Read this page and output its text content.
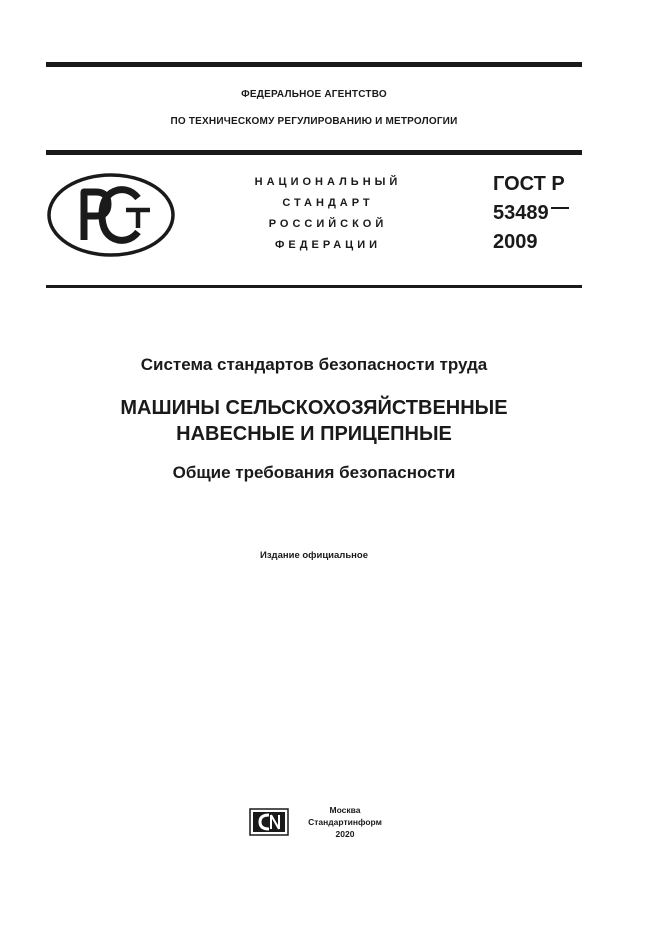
ФЕДЕРАЛЬНОЕ АГЕНТСТВО
ПО ТЕХНИЧЕСКОМУ РЕГУЛИРОВАНИЮ И МЕТРОЛОГИИ
НАЦИОНАЛЬНЫЙ
СТАНДАРТ
РОССИЙСКОЙ
ФЕДЕРАЦИИ
ГОСТ Р
53489
2009
Система стандартов безопасности труда
МАШИНЫ СЕЛЬСКОХОЗЯЙСТВЕННЫЕ
НАВЕСНЫЕ И ПРИЦЕПНЫЕ
Общие требования безопасности
Издание официальное
Москва
Стандартинформ
2020
